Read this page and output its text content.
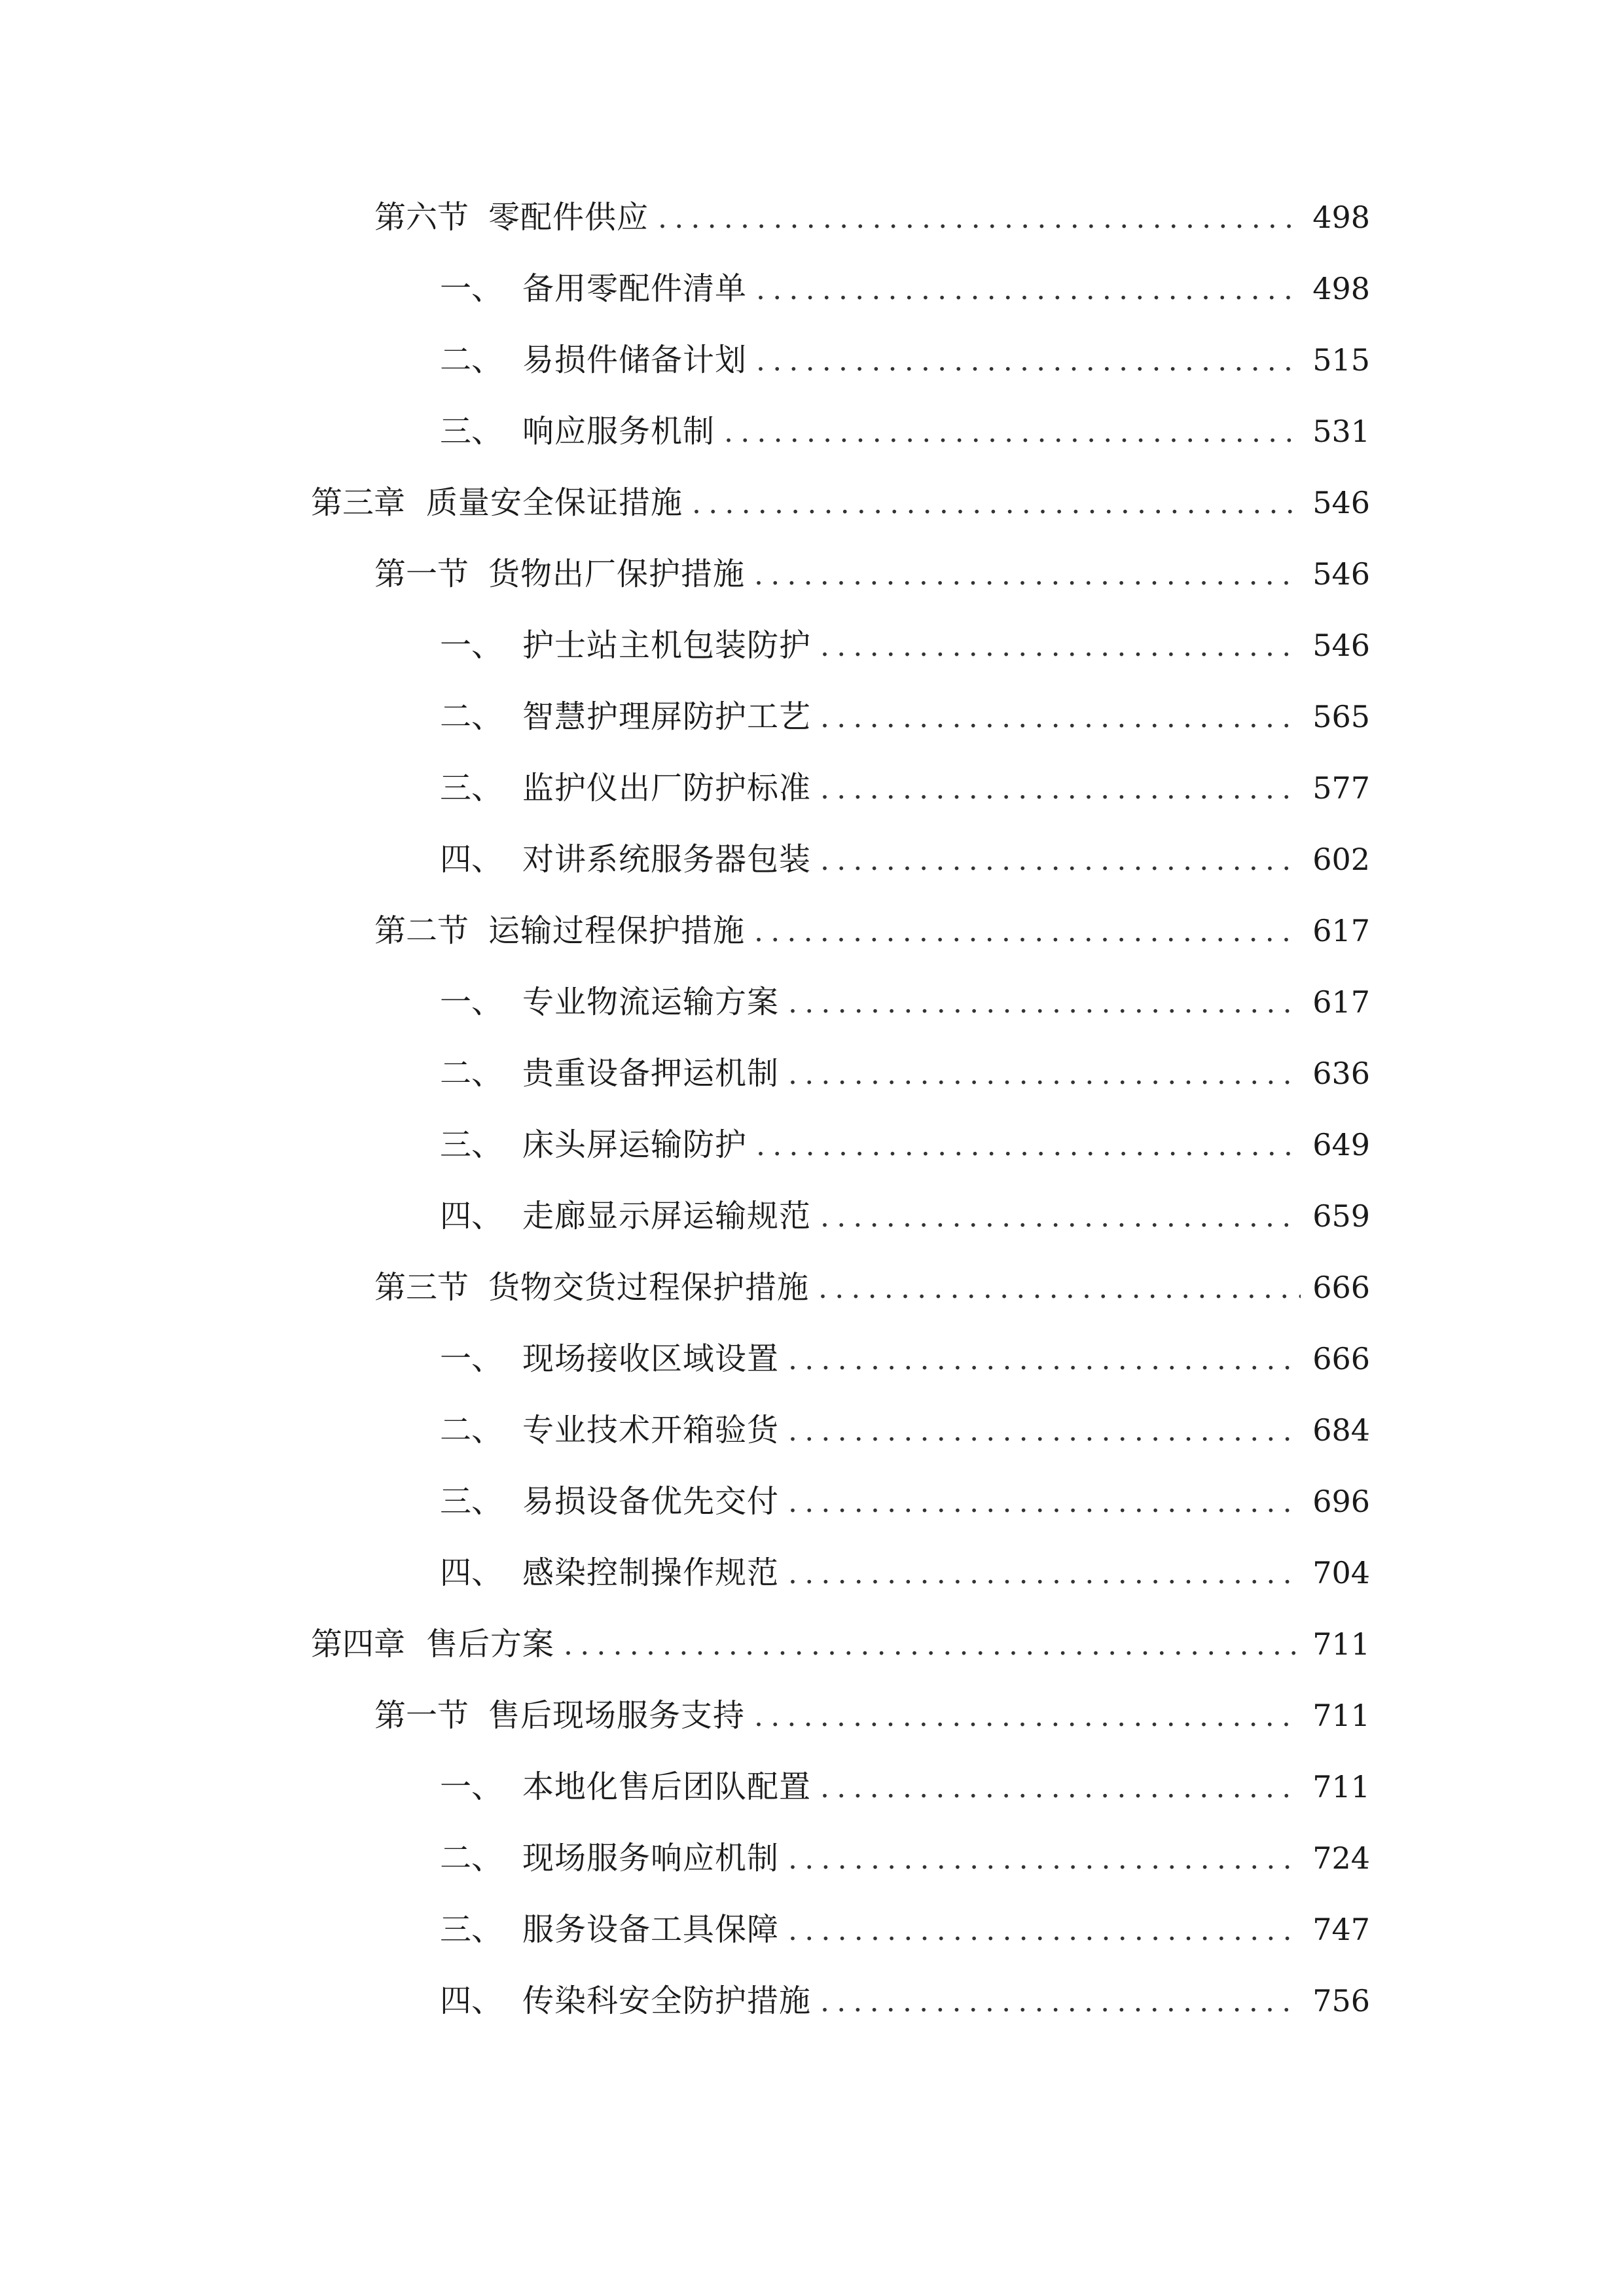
第六节 零配件供应 .....	498
一、 备用零配件清单 .....	498
二、 易损件储备计划 .....	515
三、 响应服务机制 .....	531
第三章 质量安全保证措施 .....	546
第一节 货物出厂保护措施 .....	546
一、 护士站主机包装防护 .....	546
二、 智慧护理屏防护工艺 .....	565
三、 监护仪出厂防护标准 .....	577
四、 对讲系统服务器包装 .....	602
第二节 运输过程保护措施 .....	617
一、 专业物流运输方案 .....	617
二、 贵重设备押运机制 .....	636
三、 床头屏运输防护 .....	649
四、 走廊显示屏运输规范 .....	659
第三节 货物交货过程保护措施 .....	666
一、 现场接收区域设置 .....	666
二、 专业技术开箱验货 .....	684
三、 易损设备优先交付 .....	696
四、 感染控制操作规范 .....	704
第四章 售后方案 .....	711
第一节 售后现场服务支持 .....	711
一、 本地化售后团队配置 .....	711
二、 现场服务响应机制 .....	724
三、 服务设备工具保障 .....	747
四、 传染科安全防护措施 .....	756
